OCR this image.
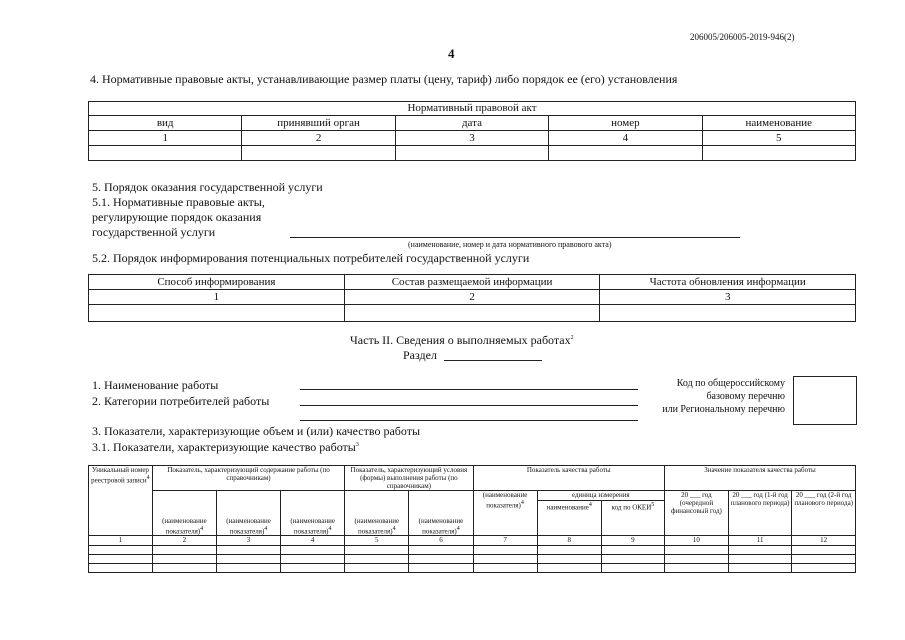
206005/206005-2019-946(2)
4
4. Нормативные правовые акты, устанавливающие размер платы (цену, тариф) либо порядок ее (его) установления
Нормативный правовой акт				
вид	принявший орган	дата	номер	наименование
1	2	3	4	5

5. Порядок оказания государственной услуги
5.1. Нормативные правовые акты,
регулирующие порядок оказания
государственной услуги
(наименование, номер и дата нормативного правового акта)
5.2. Порядок информирования потенциальных потребителей государственной услуги
Способ информирования	Состав размещаемой информации	Частота обновления информации
1	2	3

Часть II. Сведения о выполняемых работах$^2$
Раздел
1. Наименование работы
2. Категории потребителей работы
Код по общероссийскому
базовому перечню
или Региональному перечню
3. Показатели, характеризующие объем и (или) качество работы
3.1. Показатели, характеризующие качество работы$^3$
Уникальный номер реестровой записи$^4$	Показатель, характеризующий содержание работы (по справочникам)			Показатель, характеризующий условия (формы) выполнения работы (по справочникам)		Показатель качества работы			Значение показателя качества работы		
	(наименование показателя)$^4$	(наименование показателя)$^4$	(наименование показателя)$^4$	(наименование показателя)$^4$	(наименование показателя)$^4$	(наименование показателя)$^4$	единица измерения		20 ___ год (очередной финансовый год)	20 ___ год (1-й год планового периода)	20 ___ год (2-й год планового периода)
							наименование$^4$	код по ОКЕИ$^5$
1	2	3	4	5	6	7	8	9	10	11	12
